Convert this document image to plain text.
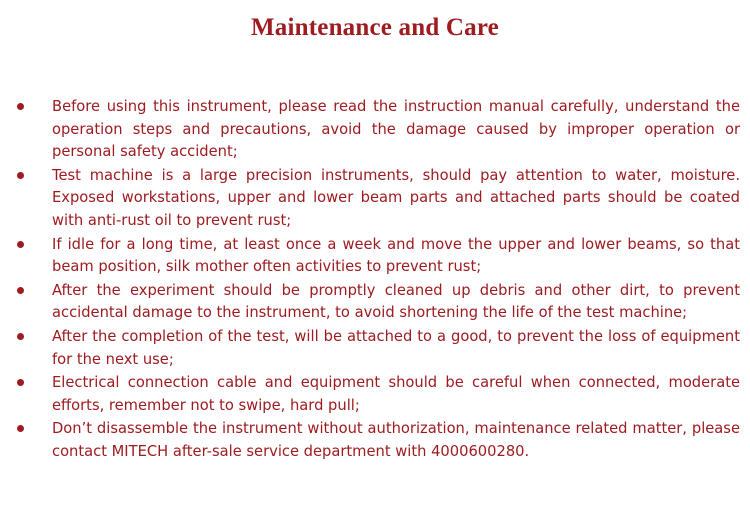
Maintenance and Care
Before using this instrument, please read the instruction manual carefully, understand the operation steps and precautions, avoid the damage caused by improper operation or personal safety accident;
Test machine is a large precision instruments, should pay attention to water, moisture. Exposed workstations, upper and lower beam parts and attached parts should be coated with anti-rust oil to prevent rust;
If idle for a long time, at least once a week and move the upper and lower beams, so that beam position, silk mother often activities to prevent rust;
After the experiment should be promptly cleaned up debris and other dirt, to prevent accidental damage to the instrument, to avoid shortening the life of the test machine;
After the completion of the test, will be attached to a good, to prevent the loss of equipment for the next use;
Electrical connection cable and equipment should be careful when connected, moderate efforts, remember not to swipe, hard pull;
Don’t disassemble the instrument without authorization, maintenance related matter, please contact MITECH after-sale service department with 4000600280.
